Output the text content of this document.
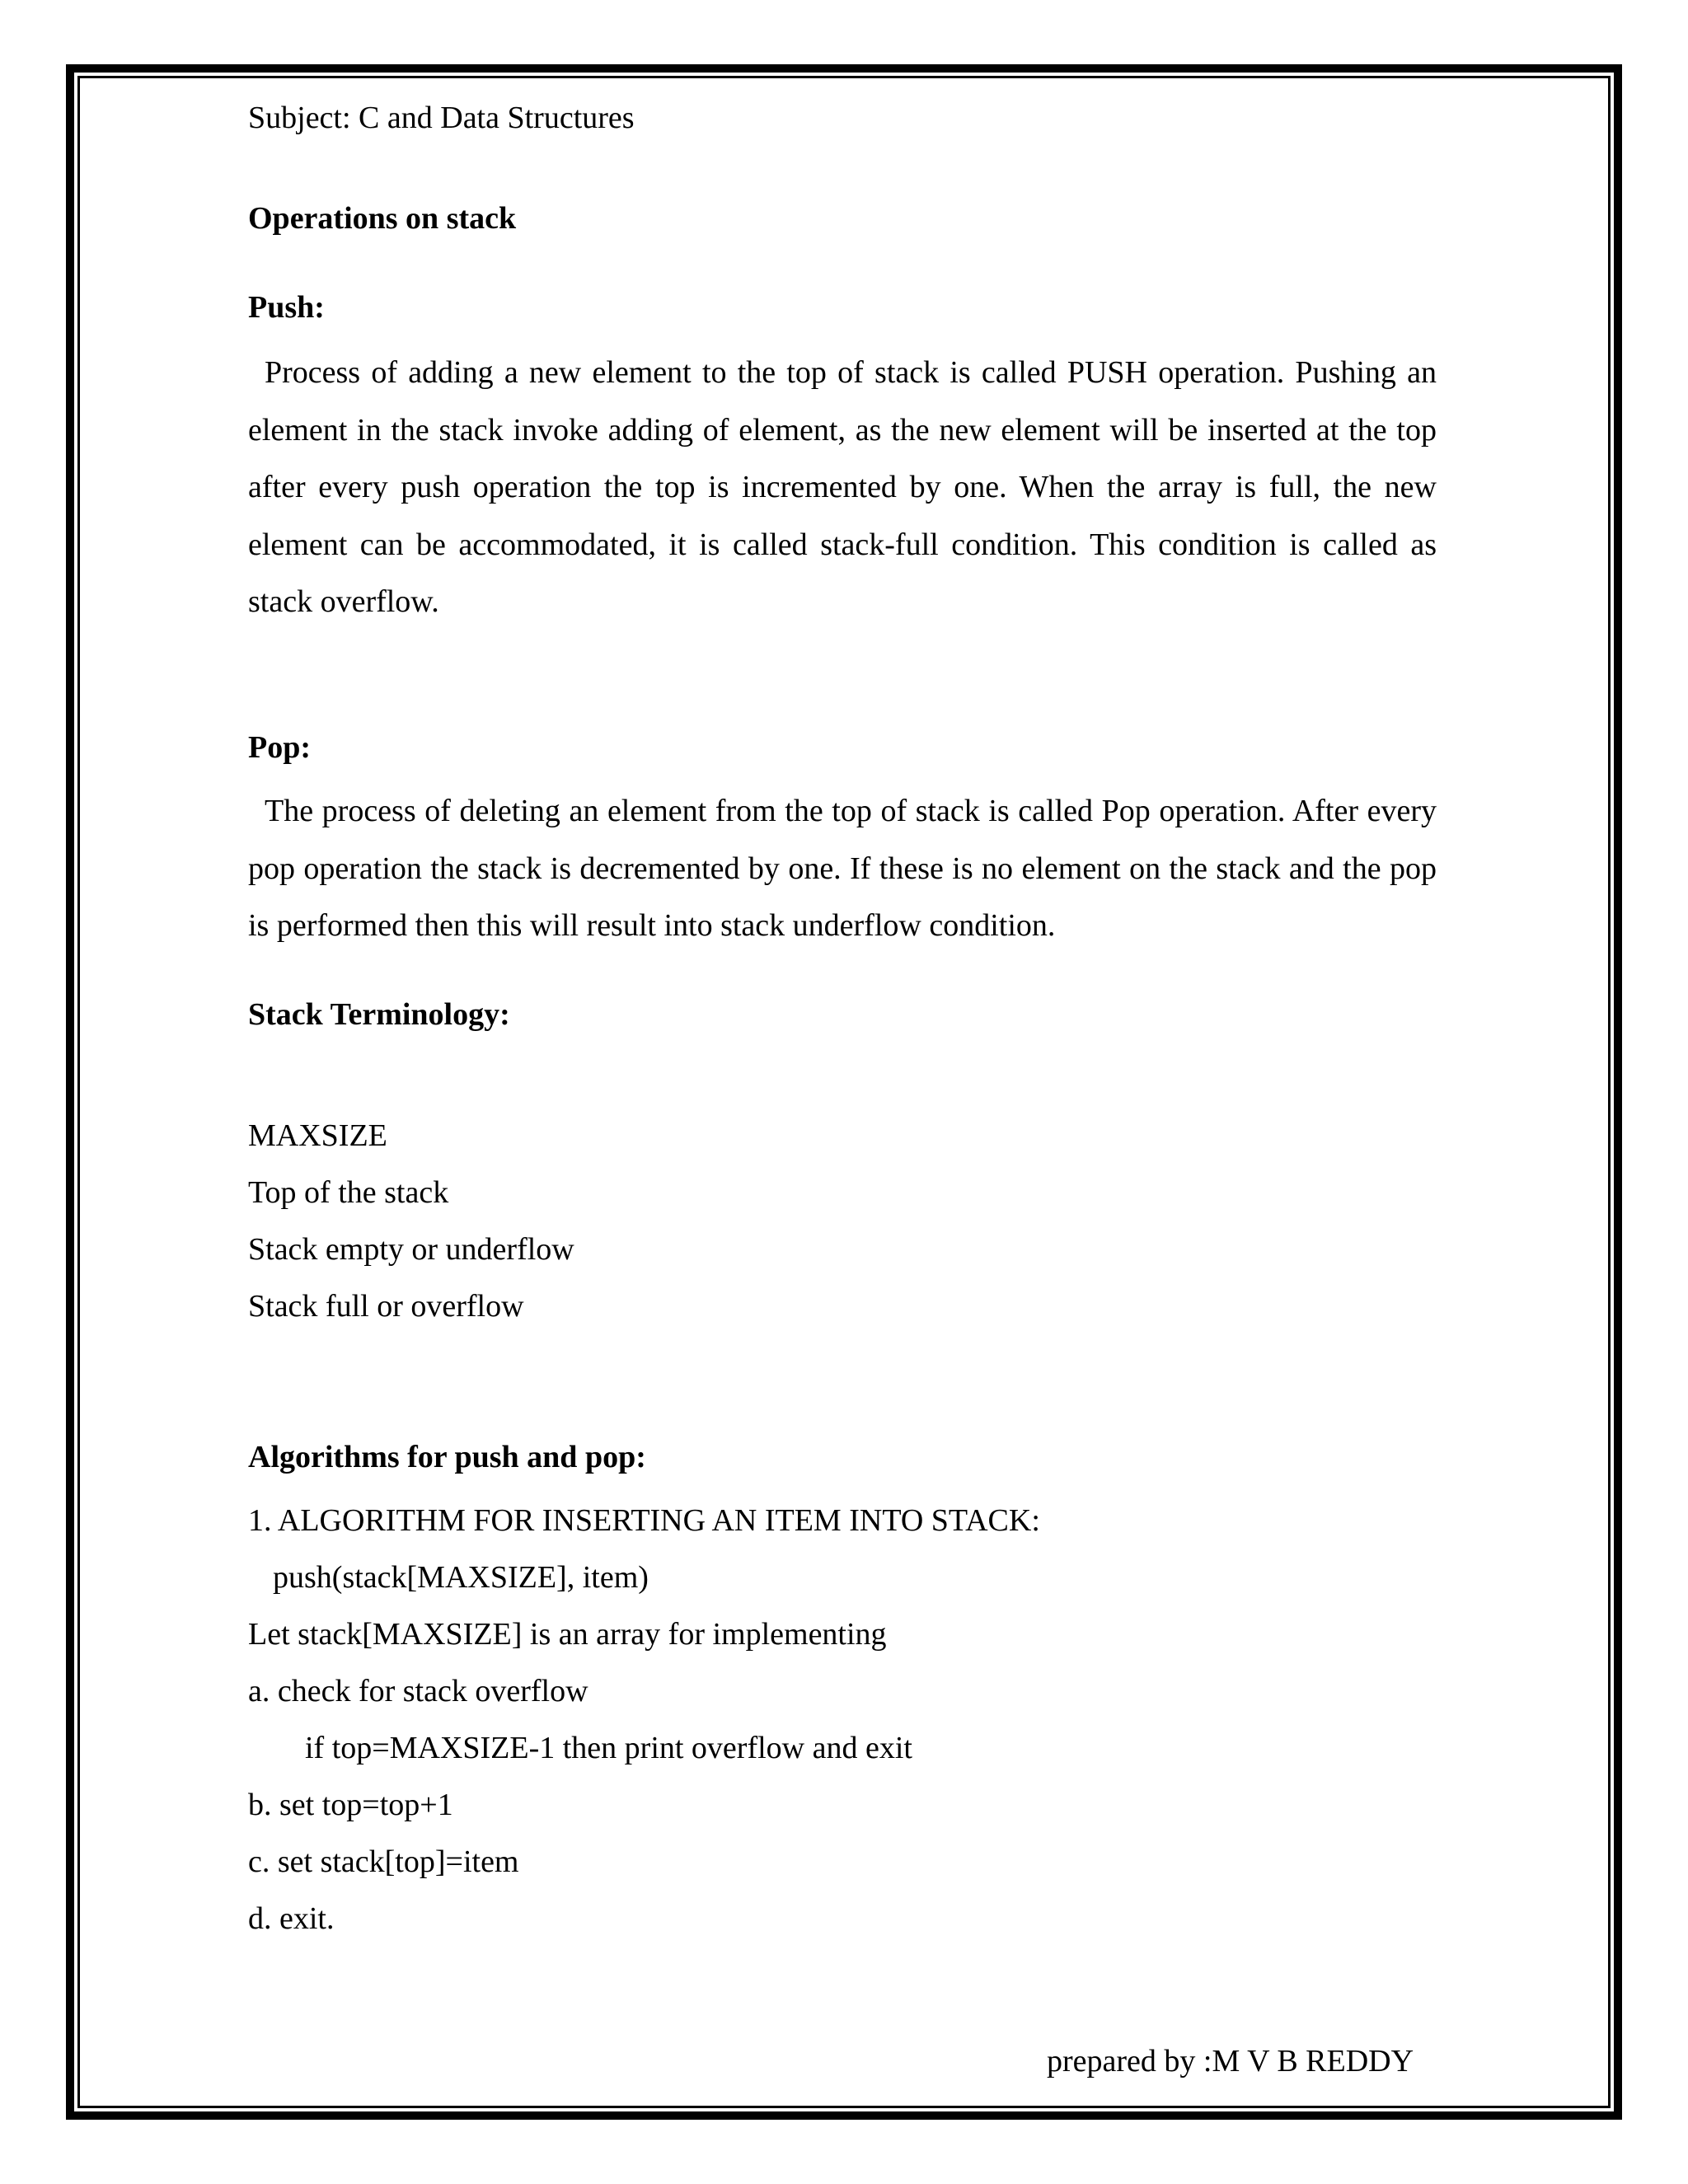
Subject: C and Data Structures
Operations on stack
Push:
Process of adding a new element to the top of stack is called PUSH operation. Pushing an element in the stack invoke adding of element, as the new element will be inserted at the top after every push operation the top is incremented by one. When the array is full, the new element can be accommodated, it is called stack-full condition. This condition is called as stack overflow.
Pop:
The process of deleting an element from the top of stack is called Pop operation. After every pop operation the stack is decremented by one. If these is no element on the stack and the pop is performed then this will result into stack underflow condition.
Stack Terminology:
MAXSIZE
Top of the stack
Stack empty or underflow
Stack full or overflow
Algorithms for push and pop:
1. ALGORITHM FOR INSERTING AN ITEM INTO STACK:
push(stack[MAXSIZE], item)
Let stack[MAXSIZE] is an array for implementing
a. check for stack overflow
if top=MAXSIZE-1 then print overflow and exit
b. set top=top+1
c. set stack[top]=item
d. exit.
prepared by :M V B REDDY
